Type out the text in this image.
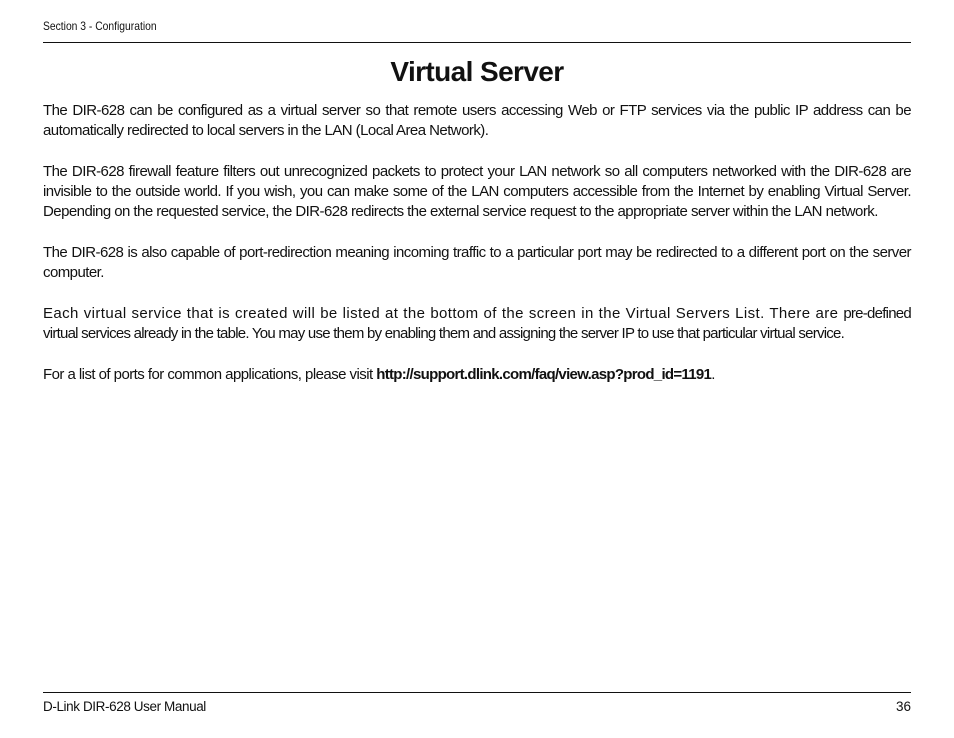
Section 3 - Configuration
Virtual Server

The DIR-628 can be configured as a virtual server so that remote users accessing Web or FTP services via the public IP address can be automatically redirected to local servers in the LAN (Local Area Network).

The DIR-628 firewall feature filters out unrecognized packets to protect your LAN network so all computers networked with the DIR-628 are invisible to the outside world. If you wish, you can make some of the LAN computers accessible from the Internet by enabling Virtual Server. Depending on the requested service, the DIR-628 redirects the external service request to the appropriate server within the LAN network.

The DIR-628 is also capable of port-redirection meaning incoming traffic to a particular port may be redirected to a different port on the server computer.

Each virtual service that is created will be listed at the bottom of the screen in the Virtual Servers List. There are pre-defined virtual services already in the table. You may use them by enabling them and assigning the server IP to use that particular virtual service.

For a list of ports for common applications, please visit http://support.dlink.com/faq/view.asp?prod_id=1191.

D-Link DIR-628 User Manual	36
